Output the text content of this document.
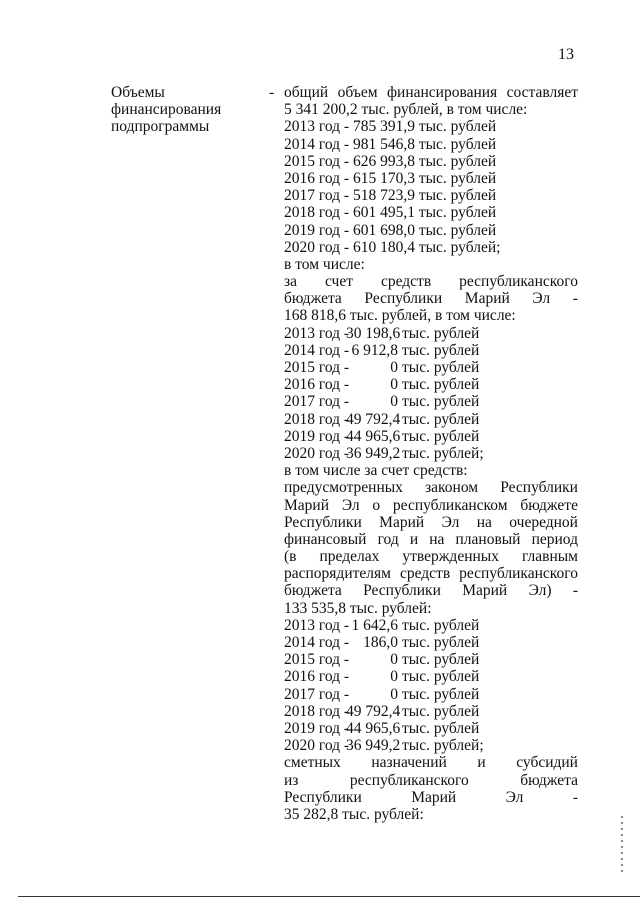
13
Объемы
финансирования
подпрограммы
- общий объем финансирования составляет
5 341 200,2 тыс. рублей, в том числе:
2013 год - 785 391,9 тыс. рублей
2014 год - 981 546,8 тыс. рублей
2015 год - 626 993,8 тыс. рублей
2016 год - 615 170,3 тыс. рублей
2017 год - 518 723,9 тыс. рублей
2018 год - 601 495,1 тыс. рублей
2019 год - 601 698,0 тыс. рублей
2020 год - 610 180,4 тыс. рублей;
в том числе:
за счет средств республиканского
бюджета Республики Марий Эл -
168 818,6 тыс. рублей, в том числе:
2013 год -
30 198,6 тыс. рублей
2014 год - 6 912,8 тыс. рублей
2015 год -	0 тыс. рублей
2016 год -	0 тыс. рублей
2017 год -	0 тыс. рублей
2018 год -
49 792,4 тыс. рублей
2019 год -
44 965,6 тыс. рублей
2020 год -
36 949,2 тыс. рублей;
в том числе за счет средств:
предусмотренных законом Республики
Марий Эл о республиканском бюджете
Республики Марий Эл на очередной
финансовый год и на плановый период
(в пределах утвержденных главным
распорядителям средств республиканского
бюджета Республики Марий Эл) -
133 535,8 тыс. рублей:
2013 год - 1 642,6 тыс. рублей
2014 год - 186,0 тыс. рублей
2015 год -	0 тыс. рублей
2016 год -	0 тыс. рублей
2017 год -	0 тыс. рублей
2018 год -
49 792,4 тыс. рублей
2019 год -
44 965,6 тыс. рублей
2020 год -
36 949,2 тыс. рублей;
сметных назначений и субсидий
из	республиканского	бюджета
Республики	Марий	Эл	-
35 282,8 тыс. рублей:
